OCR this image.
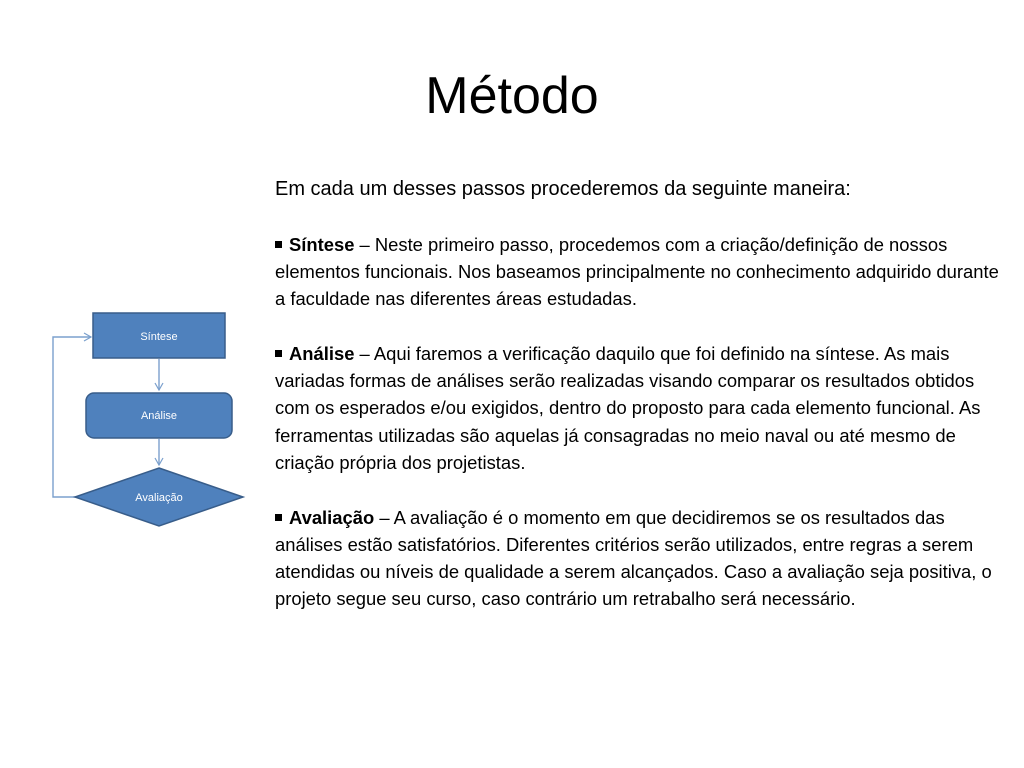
Método
Síntese
Análise
Avaliação

Em cada um desses passos procederemos da seguinte maneira:

Síntese – Neste primeiro passo, procedemos com a criação/definição de nossos elementos funcionais. Nos baseamos principalmente no conhecimento adquirido durante a faculdade nas diferentes áreas estudadas.

Análise – Aqui faremos a verificação daquilo que foi definido na síntese. As mais variadas formas de análises serão realizadas visando comparar os resultados obtidos com os esperados e/ou exigidos, dentro do proposto para cada elemento funcional. As ferramentas utilizadas são aquelas já consagradas no meio naval ou até mesmo de criação própria dos projetistas.

Avaliação – A avaliação é o momento em que decidiremos se os resultados das análises estão satisfatórios. Diferentes critérios serão utilizados, entre regras a serem atendidas ou níveis de qualidade a serem alcançados. Caso a avaliação seja positiva, o projeto segue seu curso, caso contrário um retrabalho será necessário.
